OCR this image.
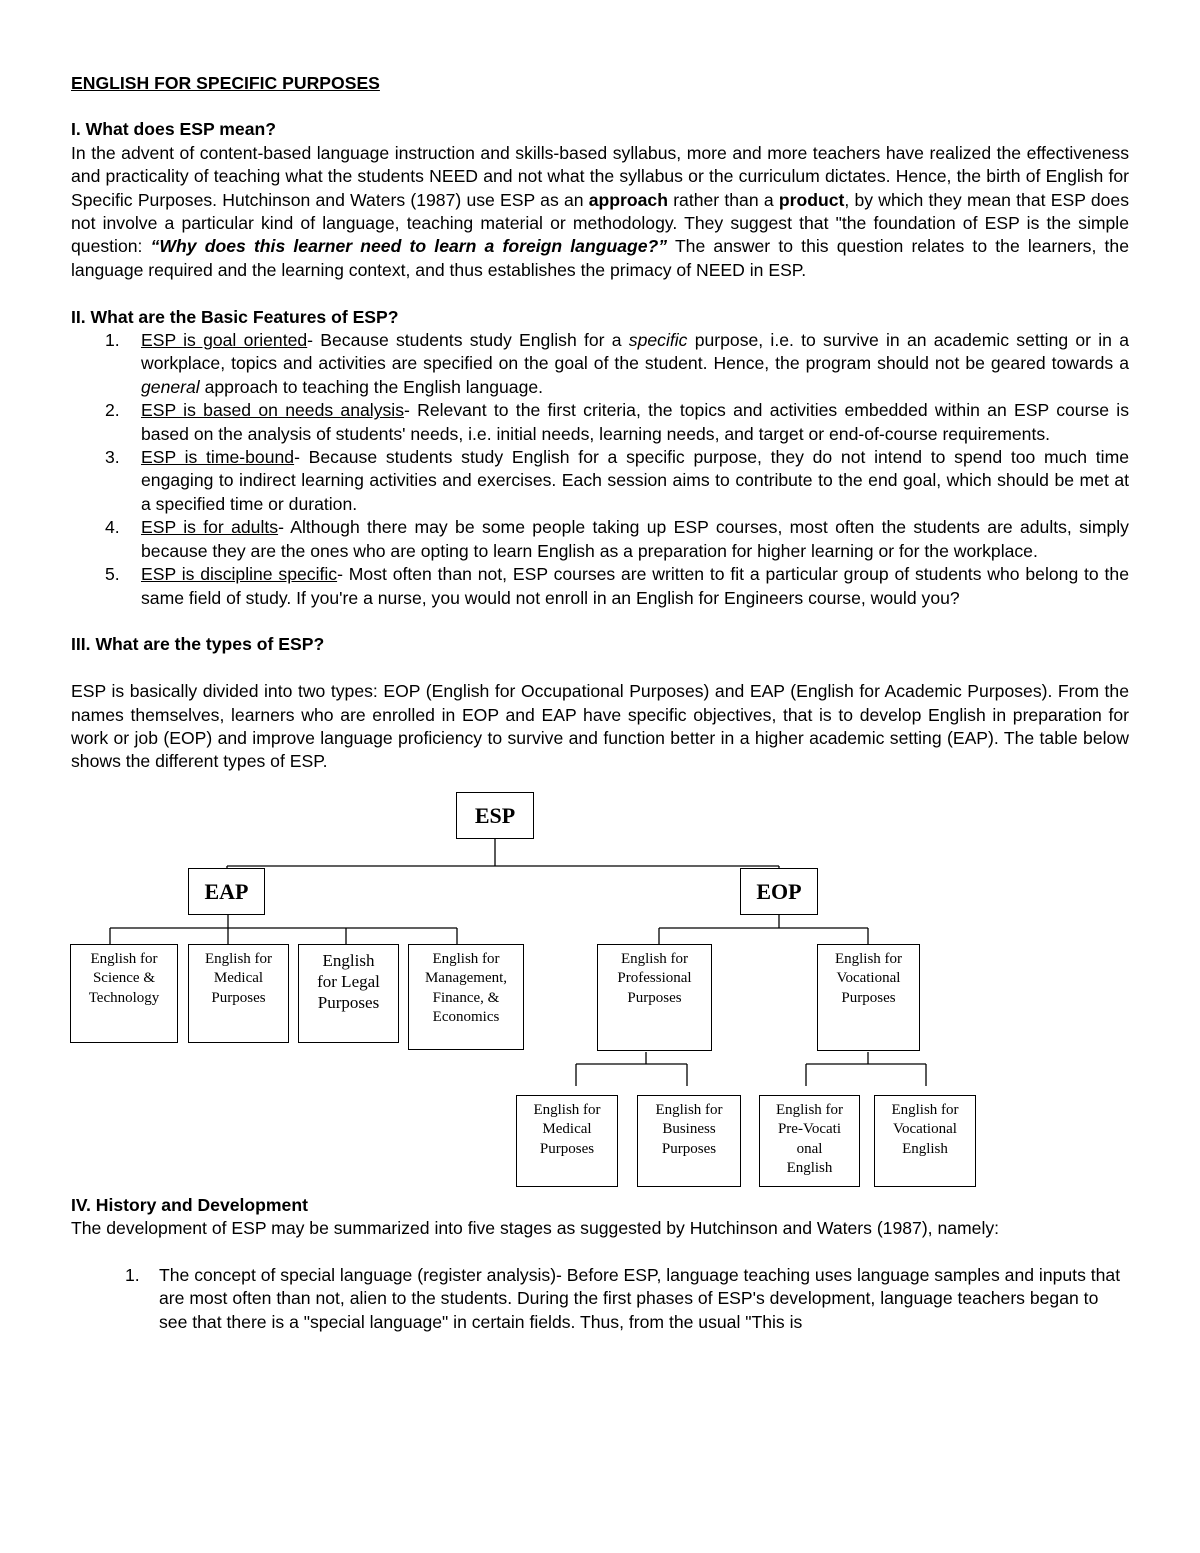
ENGLISH FOR SPECIFIC PURPOSES
I. What does ESP mean?

In the advent of content-based language instruction and skills-based syllabus, more and more teachers have realized the effectiveness and practicality of teaching what the students NEED and not what the syllabus or the curriculum dictates. Hence, the birth of English for Specific Purposes. Hutchinson and Waters (1987) use ESP as an approach rather than a product, by which they mean that ESP does not involve a particular kind of language, teaching material or methodology. They suggest that "the foundation of ESP is the simple question: “Why does this learner need to learn a foreign language?” The answer to this question relates to the learners, the language required and the learning context, and thus establishes the primacy of NEED in ESP.

II. What are the Basic Features of ESP?
1. ESP is goal oriented- Because students study English for a specific purpose, i.e. to survive in an academic setting or in a workplace, topics and activities are specified on the goal of the student. Hence, the program should not be geared towards a general approach to teaching the English language.
2. ESP is based on needs analysis- Relevant to the first criteria, the topics and activities embedded within an ESP course is based on the analysis of students' needs, i.e. initial needs, learning needs, and target or end-of-course requirements.
3. ESP is time-bound- Because students study English for a specific purpose, they do not intend to spend too much time engaging to indirect learning activities and exercises. Each session aims to contribute to the end goal, which should be met at a specified time or duration.
4. ESP is for adults- Although there may be some people taking up ESP courses, most often the students are adults, simply because they are the ones who are opting to learn English as a preparation for higher learning or for the workplace.
5. ESP is discipline specific- Most often than not, ESP courses are written to fit a particular group of students who belong to the same field of study. If you're a nurse, you would not enroll in an English for Engineers course, would you?
III. What are the types of ESP?

ESP is basically divided into two types: EOP (English for Occupational Purposes) and EAP (English for Academic Purposes). From the names themselves, learners who are enrolled in EOP and EAP have specific objectives, that is to develop English in preparation for work or job (EOP) and improve language proficiency to survive and function better in a higher academic setting (EAP). The table below shows the different types of ESP.

ESP
EAP	EOP
English for
Science &
Technology
English for
Medical
Purposes
English
for Legal
Purposes
English for
Management,
Finance, &
Economics
English for
Professional
Purposes
English for
Vocational
Purposes
English for
Medical
Purposes
English for
Business
Purposes
English for
Pre-Vocati
onal
English
English for
Vocational
English
IV. History and Development

The development of ESP may be summarized into five stages as suggested by Hutchinson and Waters (1987), namely:

1. The concept of special language (register analysis)- Before ESP, language teaching uses language samples and inputs that are most often than not, alien to the students. During the first phases of ESP's development, language teachers began to see that there is a "special language" in certain fields. Thus, from the usual "This is
